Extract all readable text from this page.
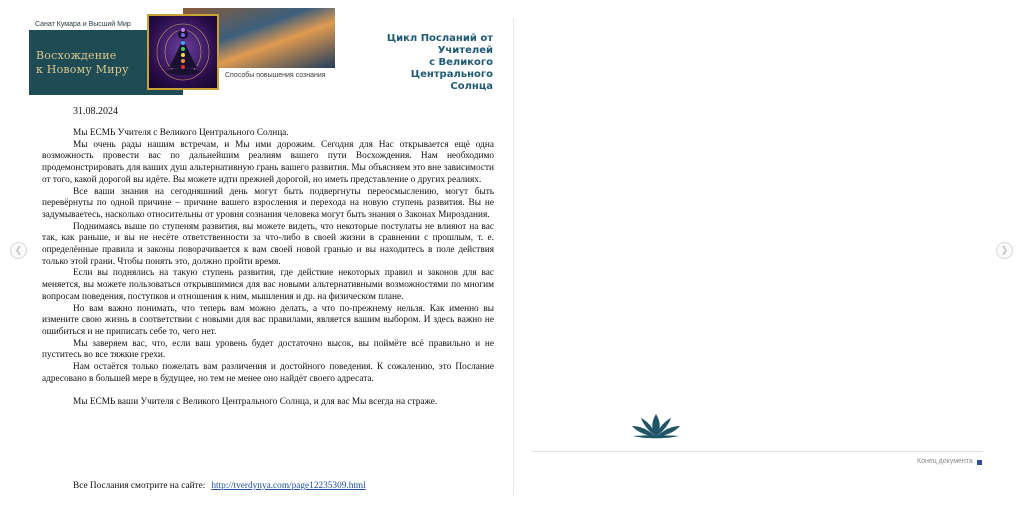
Санат Кумара и Высший Мир
Восхождение
к Новому Миру	Способы повышения сознания
Цикл Посланий от
Учителей
с Великого Центрального
Солнца
31.08.2024

Мы ЕСМЬ Учителя с Великого Центрального Солнца.

Мы очень рады нашим встречам, и Мы ими дорожим. Сегодня для Нас открывается ещё одна возможность провести вас по дальнейшим реалиям вашего пути Восхождения. Нам необходимо продемонстрировать для ваших душ альтернативную грань вашего развития. Мы объясняем это вне зависимости от того, какой дорогой вы идёте. Вы можете идти прежней дорогой, но иметь представление о других реалиях.

Все ваши знания на сегодняшний день могут быть подвергнуты переосмыслению, могут быть перевёрнуты по одной причине – причине вашего взросления и перехода на новую ступень развития. Вы не задумываетесь, насколько относительны от уровня сознания человека могут быть знания о Законах Мироздания.

Поднимаясь выше по ступеням развития, вы можете видеть, что некоторые постулаты не влияют на вас так, как раньше, и вы не несёте ответственности за что-либо в своей жизни в сравнении с прошлым, т. е. определённые правила и законы поворачивается к вам своей новой гранью и вы находитесь в поле действия только этой грани. Чтобы понять это, должно пройти время.

Если вы поднялись на такую ступень развития, где действие некоторых правил и законов для вас меняется, вы можете пользоваться открывшимися для вас новыми альтернативными возможностями по многим вопросам поведения, поступков и отношения к ним, мышления и др. на физическом плане.

Но вам важно понимать, что теперь вам можно делать, а что по-прежнему нельзя. Как именно вы измените свою жизнь в соответствии с новыми для вас правилами, является вашим выбором. И здесь важно не ошибиться и не приписать себе то, чего нет.

Мы заверяем вас, что, если ваш уровень будет достаточно высок, вы поймёте всё правильно и не пуститесь во все тяжкие грехи.

Нам остаётся только пожелать вам различения и достойного поведения. К сожалению, это Послание адресовано в большей мере в будущее, но тем не менее оно найдёт своего адресата.

Мы ЕСМЬ ваши Учителя с Великого Центрального Солнца, и для вас Мы всегда на страже.

Все Послания смотрите на сайте: http://tverdynya.com/page12235309.html
❮	❯
Конец документа
